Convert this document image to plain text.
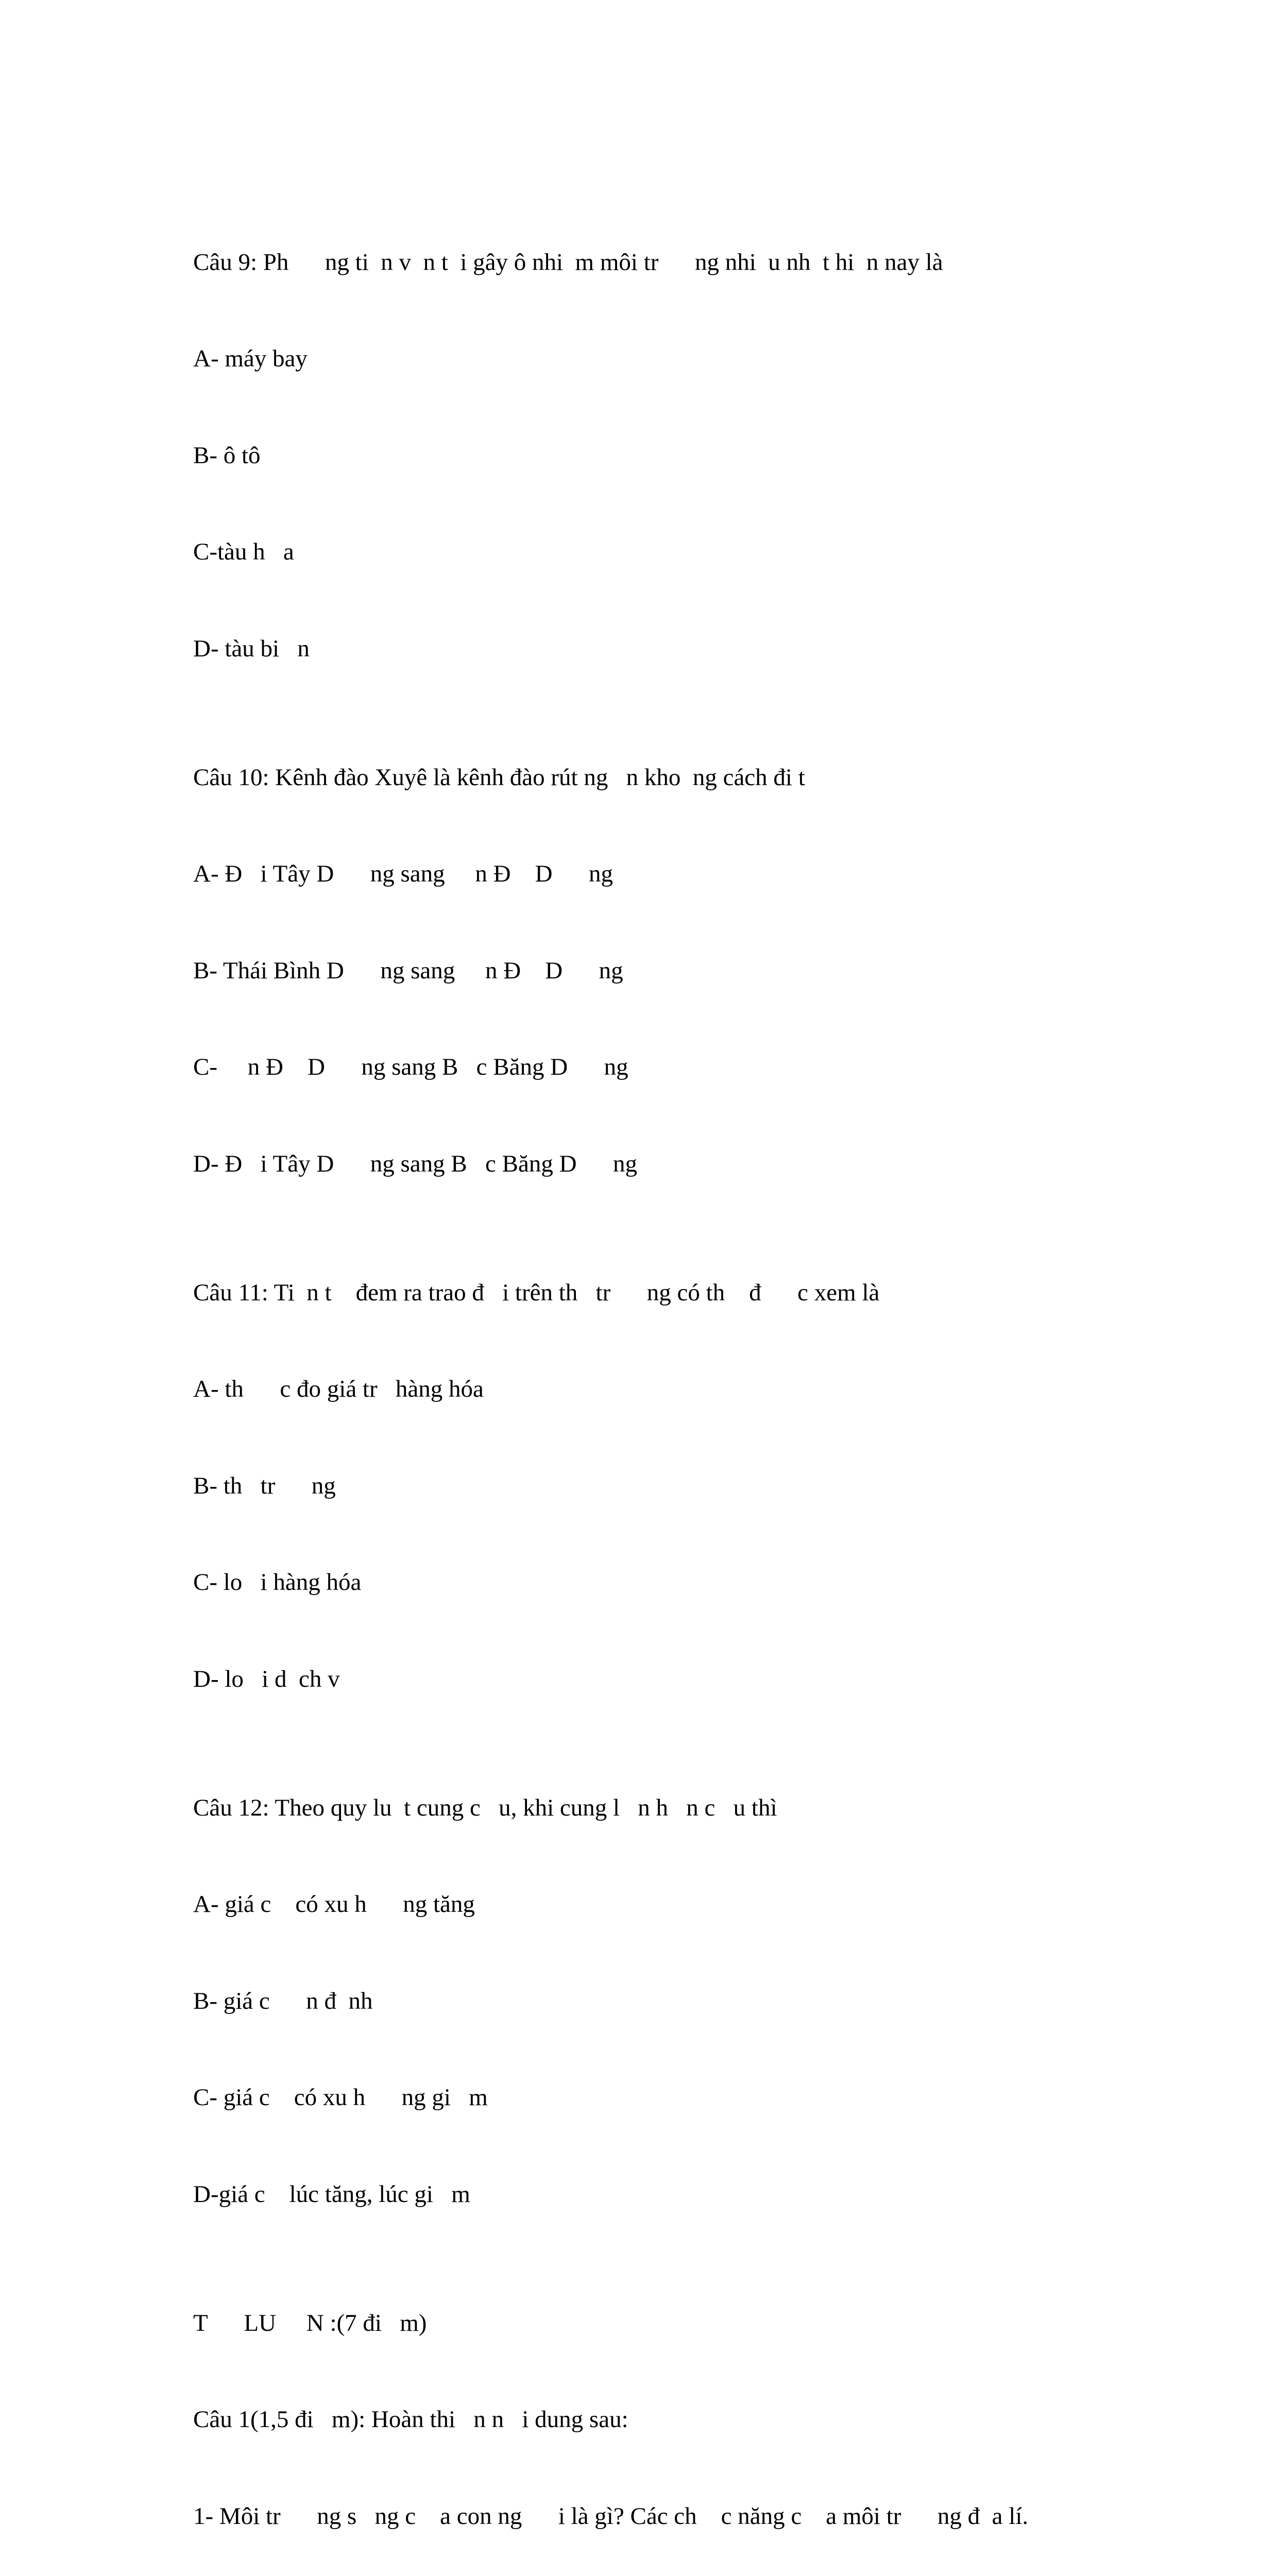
Câu 9: Ph      ng ti  n v  n t  i gây ô nhi  m môi tr      ng nhi  u nh  t hi  n nay là

A- máy bay

B- ô tô

C-tàu h   a

D- tàu bi   n

Câu 10: Kênh đào Xuyê là kênh đào rút ng   n kho  ng cách đi t

A- Đ   i Tây D      ng sang     n Đ    D      ng

B- Thái Bình D      ng sang     n Đ    D      ng

C-     n Đ    D      ng sang B   c Băng D      ng

D- Đ   i Tây D      ng sang B   c Băng D      ng

Câu 11: Ti  n t    đem ra trao đ   i trên th   tr      ng có th    đ      c xem là

A- th      c đo giá tr   hàng hóa

B- th   tr      ng

C- lo   i hàng hóa

D- lo   i d  ch v

Câu 12: Theo quy lu  t cung c   u, khi cung l   n h   n c   u thì

A- giá c    có xu h      ng tăng

B- giá c      n đ  nh

C- giá c    có xu h      ng gi   m

D-giá c    lúc tăng, lúc gi   m

T      LU     N :(7 đi   m)

Câu 1(1,5 đi   m): Hoàn thi   n n   i dung sau:

1- Môi tr      ng s   ng c    a con ng      i là gì? Các ch    c năng c    a môi tr      ng đ  a lí.
